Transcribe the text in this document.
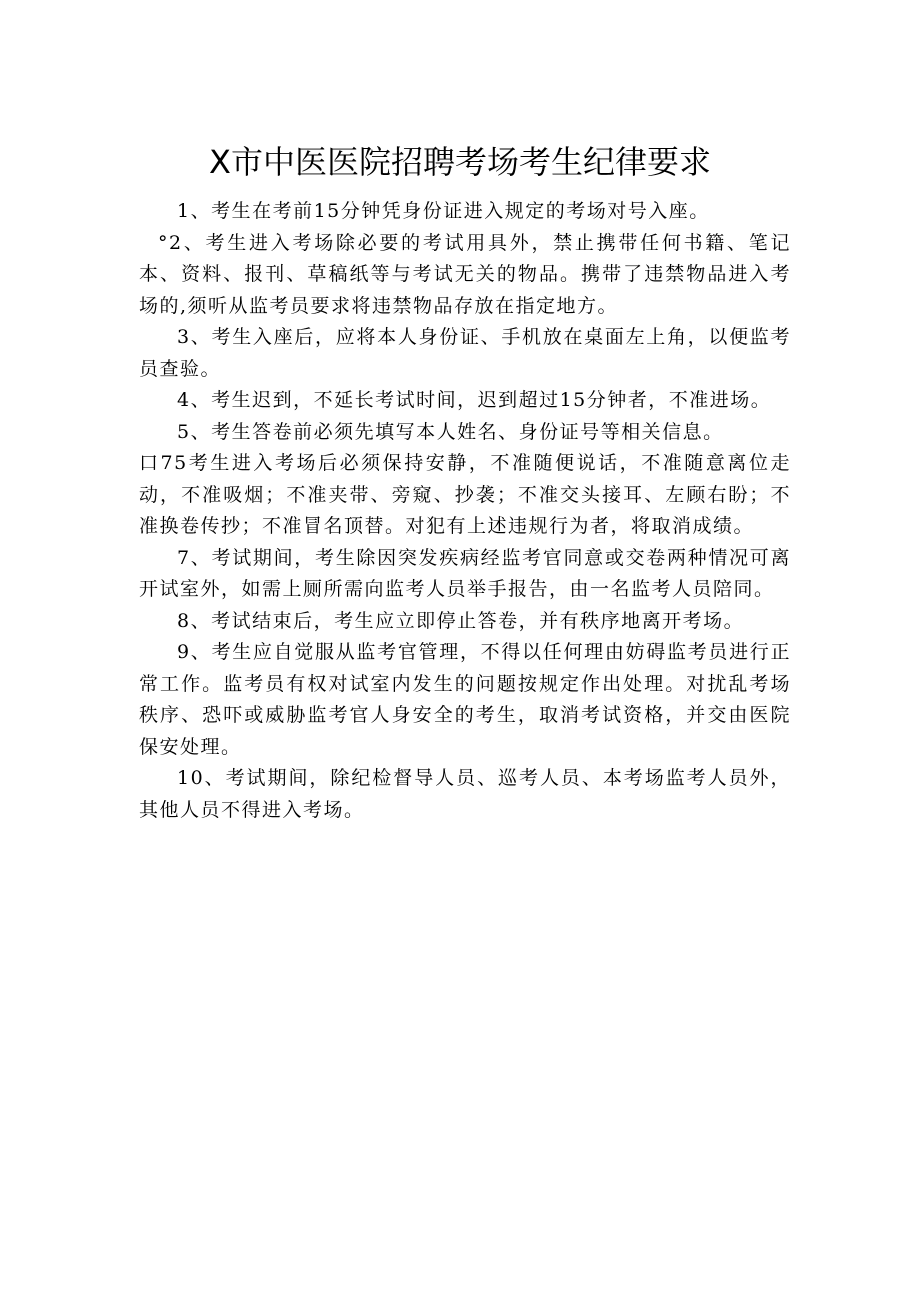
X市中医医院招聘考场考生纪律要求

1、考生在考前15分钟凭身份证进入规定的考场对号入座。

°2、考生进入考场除必要的考试用具外，禁止携带任何书籍、笔记本、资料、报刊、草稿纸等与考试无关的物品。携带了违禁物品进入考场的,须听从监考员要求将违禁物品存放在指定地方。

3、考生入座后，应将本人身份证、手机放在桌面左上角，以便监考员查验。

4、考生迟到，不延长考试时间，迟到超过15分钟者，不准进场。

5、考生答卷前必须先填写本人姓名、身份证号等相关信息。

口75考生进入考场后必须保持安静，不准随便说话，不准随意离位走动，不准吸烟；不准夹带、旁窥、抄袭；不准交头接耳、左顾右盼；不准换卷传抄；不准冒名顶替。对犯有上述违规行为者，将取消成绩。

7、考试期间，考生除因突发疾病经监考官同意或交卷两种情况可离开试室外，如需上厕所需向监考人员举手报告，由一名监考人员陪同。

8、考试结束后，考生应立即停止答卷，并有秩序地离开考场。

9、考生应自觉服从监考官管理，不得以任何理由妨碍监考员进行正常工作。监考员有权对试室内发生的问题按规定作出处理。对扰乱考场秩序、恐吓或威胁监考官人身安全的考生，取消考试资格，并交由医院保安处理。

10、考试期间，除纪检督导人员、巡考人员、本考场监考人员外，其他人员不得进入考场。
